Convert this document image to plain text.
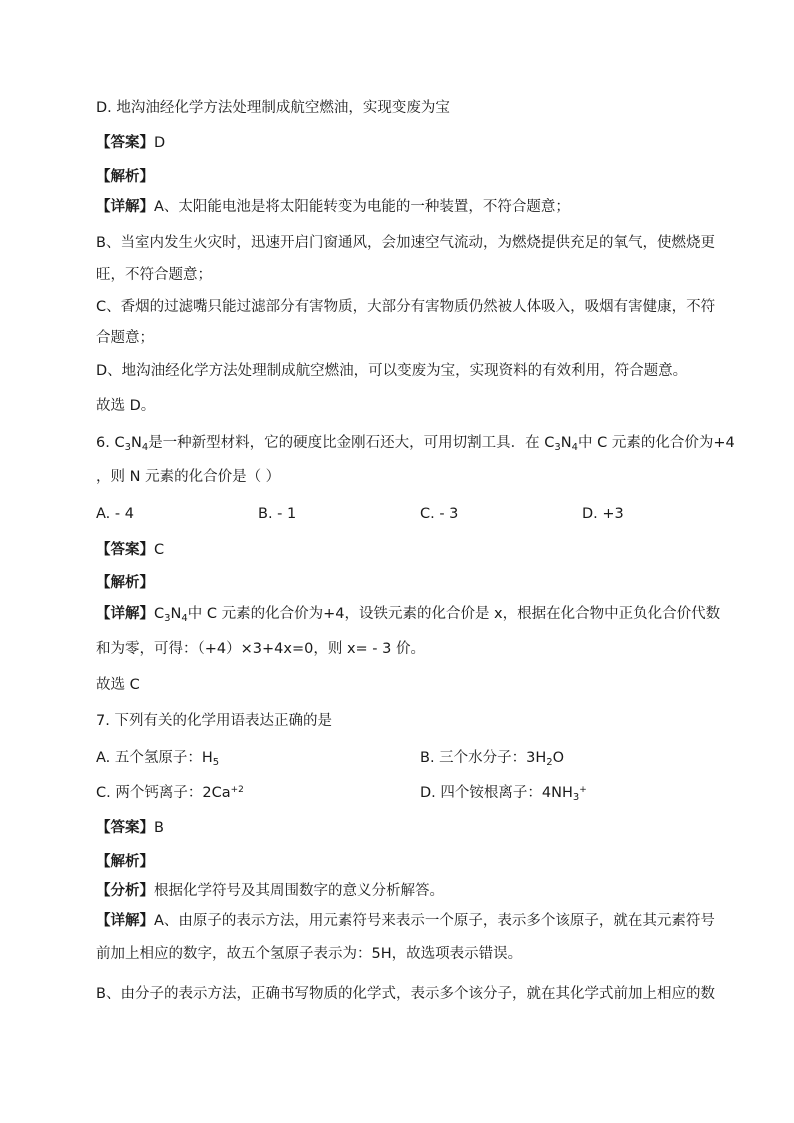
D. 地沟油经化学方法处理制成航空燃油，实现变废为宝
【答案】D
【解析】
【详解】A、太阳能电池是将太阳能转变为电能的一种装置，不符合题意；
B、当室内发生火灾时，迅速开启门窗通风，会加速空气流动，为燃烧提供充足的氧气，使燃烧更
旺，不符合题意；
C、香烟的过滤嘴只能过滤部分有害物质，大部分有害物质仍然被人体吸入，吸烟有害健康，不符
合题意；
D、地沟油经化学方法处理制成航空燃油，可以变废为宝，实现资料的有效利用，符合题意。
故选 D。
6. $C_3N_4$是一种新型材料，它的硬度比金刚石还大，可用切割工具．在 $C_3N_4$中 C 元素的化合价为+4
，则 N 元素的化合价是（ ）
A. - 4	B. - 1	C. - 3	D. +3
【答案】C
【解析】
【详解】$C_3N_4$中 C 元素的化合价为+4，设铁元素的化合价是 x，根据在化合物中正负化合价代数
和为零，可得：（+4）×3+4x=0，则 x= - 3 价。
故选 C
7. 下列有关的化学用语表达正确的是
A. 五个氢原子：$H_5$	B. 三个水分子：$3H_2O$
C. 两个钙离子：$2Ca^{+2}$	D. 四个铵根离子：$4NH_3^+$
【答案】B
【解析】
【分析】根据化学符号及其周围数字的意义分析解答。
【详解】A、由原子的表示方法，用元素符号来表示一个原子，表示多个该原子，就在其元素符号
前加上相应的数字，故五个氢原子表示为：5H，故选项表示错误。
B、由分子的表示方法，正确书写物质的化学式，表示多个该分子，就在其化学式前加上相应的数
